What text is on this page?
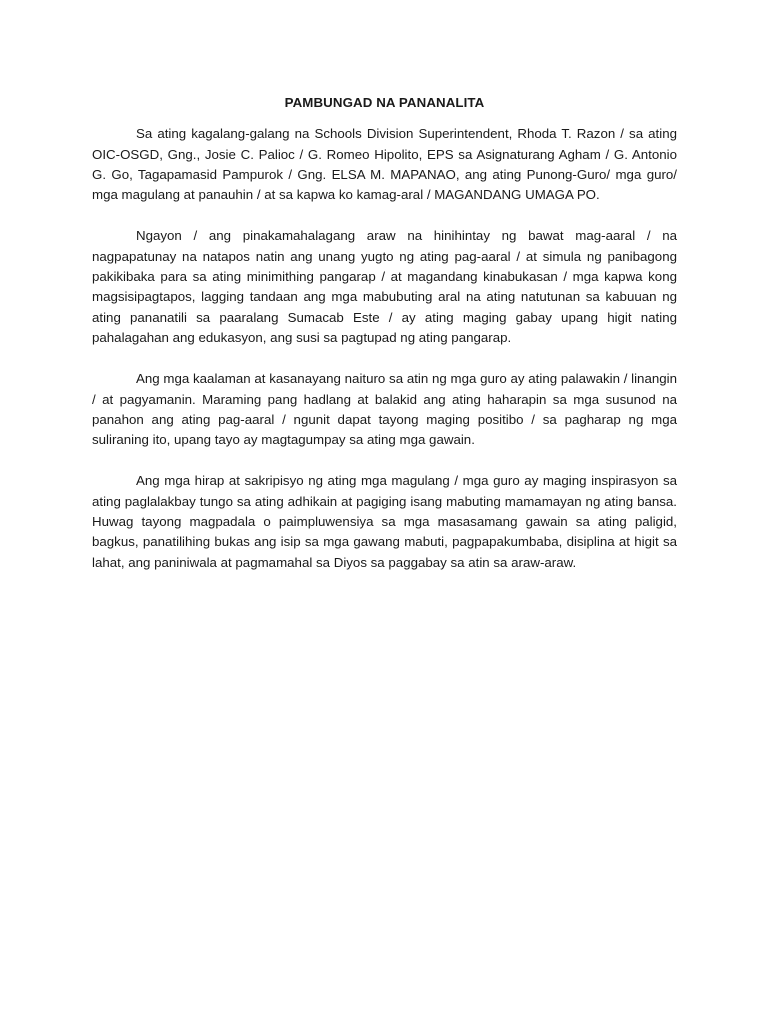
PAMBUNGAD NA PANANALITA

Sa ating kagalang-galang na Schools Division Superintendent, Rhoda T. Razon / sa ating OIC-OSGD, Gng., Josie C. Palioc / G. Romeo Hipolito, EPS sa Asignaturang Agham / G. Antonio G. Go, Tagapamasid Pampurok / Gng. ELSA M. MAPANAO, ang ating Punong-Guro/ mga guro/ mga magulang at panauhin / at sa kapwa ko kamag-aral / MAGANDANG UMAGA PO.

Ngayon / ang pinakamahalagang araw na hinihintay ng bawat mag-aaral / na nagpapatunay na natapos natin ang unang yugto ng ating pag-aaral / at simula ng panibagong pakikibaka para sa ating minimithing pangarap / at magandang kinabukasan / mga kapwa kong magsisipagtapos, lagging tandaan ang mga mabubuting aral na ating natutunan sa kabuuan ng ating pananatili sa paaralang Sumacab Este / ay ating maging gabay upang higit nating pahalagahan ang edukasyon, ang susi sa pagtupad ng ating pangarap.

Ang mga kaalaman at kasanayang naituro sa atin ng mga guro ay ating palawakin / linangin / at pagyamanin. Maraming pang hadlang at balakid ang ating haharapin sa mga susunod na panahon ang ating pag-aaral / ngunit dapat tayong maging positibo / sa pagharap ng mga suliraning ito, upang tayo ay magtagumpay sa ating mga gawain.

Ang mga hirap at sakripisyo ng ating mga magulang / mga guro ay maging inspirasyon sa ating paglalakbay tungo sa ating adhikain at pagiging isang mabuting mamamayan ng ating bansa. Huwag tayong magpadala o paimpluwensiya sa mga masasamang gawain sa ating paligid, bagkus, panatilihing bukas ang isip sa mga gawang mabuti, pagpapakumbaba, disiplina at higit sa lahat, ang paniniwala at pagmamahal sa Diyos sa paggabay sa atin sa araw-araw.
